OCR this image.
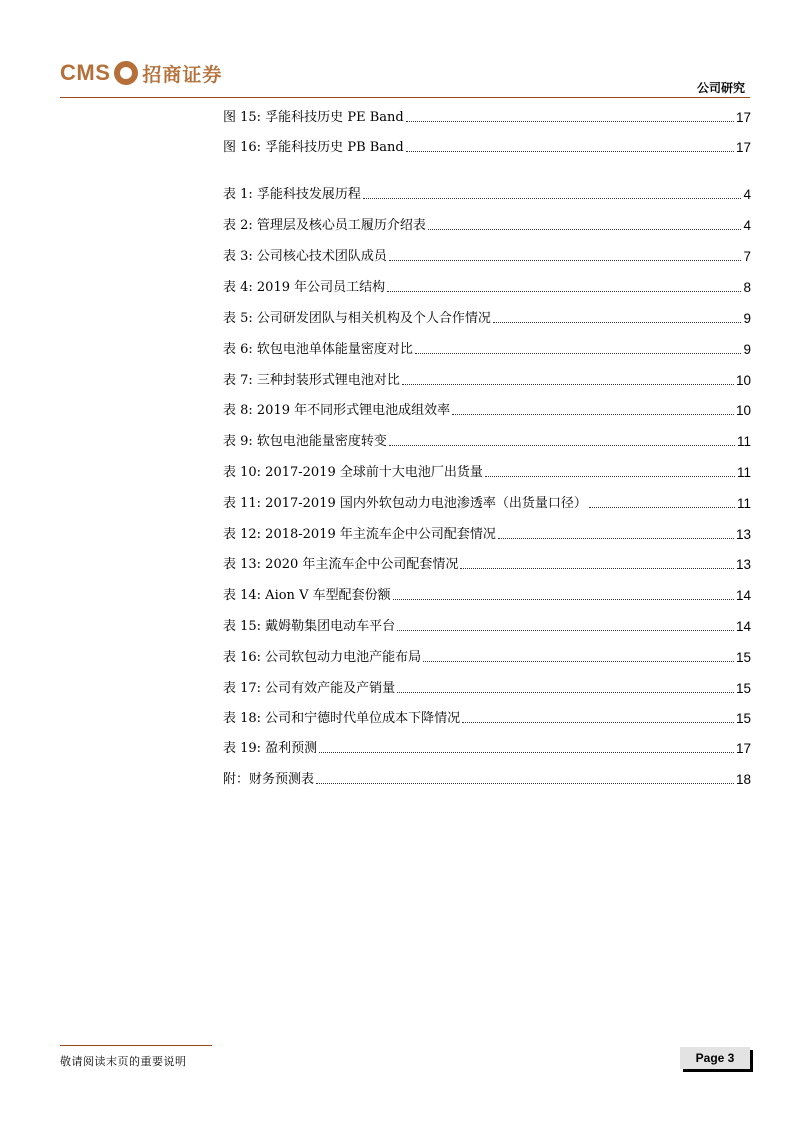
CMS 招商证券
公司研究
图 15: 孚能科技历史 PE Band	17
图 16: 孚能科技历史 PB Band	17
表 1: 孚能科技发展历程	4
表 2: 管理层及核心员工履历介绍表	4
表 3: 公司核心技术团队成员	7
表 4: 2019 年公司员工结构	8
表 5: 公司研发团队与相关机构及个人合作情况	9
表 6: 软包电池单体能量密度对比	9
表 7: 三种封装形式锂电池对比	10
表 8: 2019 年不同形式锂电池成组效率	10
表 9: 软包电池能量密度转变	11
表 10: 2017-2019 全球前十大电池厂出货量	11
表 11: 2017-2019 国内外软包动力电池渗透率（出货量口径）	11
表 12: 2018-2019 年主流车企中公司配套情况	13
表 13: 2020 年主流车企中公司配套情况	13
表 14: Aion V 车型配套份额	14
表 15: 戴姆勒集团电动车平台	14
表 16: 公司软包动力电池产能布局	15
表 17: 公司有效产能及产销量	15
表 18: 公司和宁德时代单位成本下降情况	15
表 19: 盈利预测	17
附：财务预测表	18
敬请阅读末页的重要说明	Page 3
